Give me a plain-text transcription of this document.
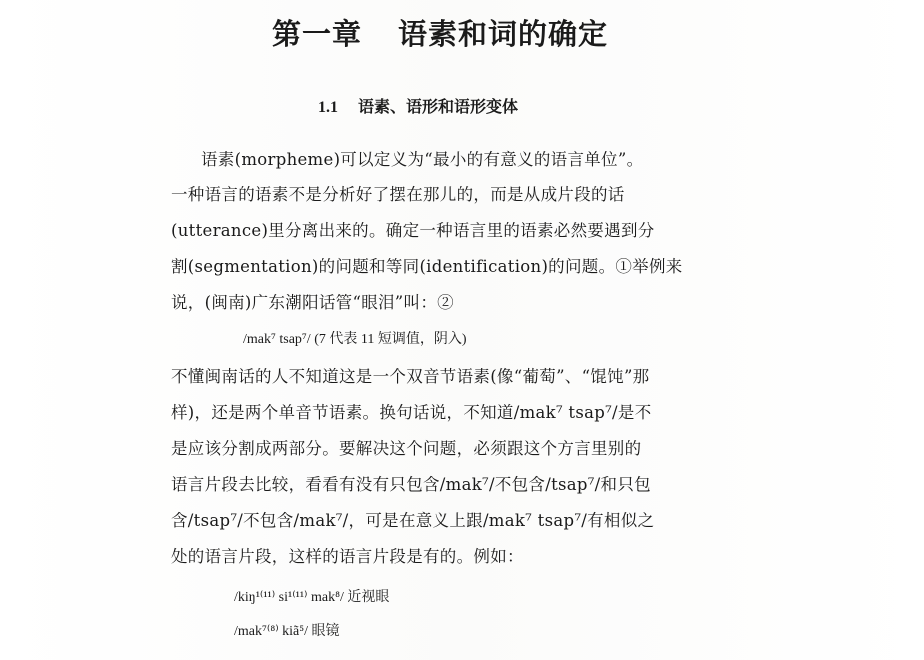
第一章 语素和词的确定
1.1 语素、语形和语形变体
语素(morpheme)可以定义为“最小的有意义的语言单位”。
一种语言的语素不是分析好了摆在那儿的，而是从成片段的话
(utterance)里分离出来的。确定一种语言里的语素必然要遇到分
割(segmentation)的问题和等同(identification)的问题。①举例来
说，(闽南)广东潮阳话管“眼泪”叫：②
/mak⁷ tsap⁷/ (7 代表 11 短调值，阴入)
不懂闽南话的人不知道这是一个双音节语素(像“葡萄”、“馄饨”那
样)，还是两个单音节语素。换句话说，不知道/mak⁷ tsap⁷/是不
是应该分割成两部分。要解决这个问题，必须跟这个方言里别的
语言片段去比较，看看有没有只包含/mak⁷/不包含/tsap⁷/和只包
含/tsap⁷/不包含/mak⁷/，可是在意义上跟/mak⁷ tsap⁷/有相似之
处的语言片段，这样的语言片段是有的。例如：
/kiŋ¹⁽¹¹⁾ si¹⁽¹¹⁾ mak⁸/ 近视眼
/mak⁷⁽⁸⁾ kiã⁵/ 眼镜
